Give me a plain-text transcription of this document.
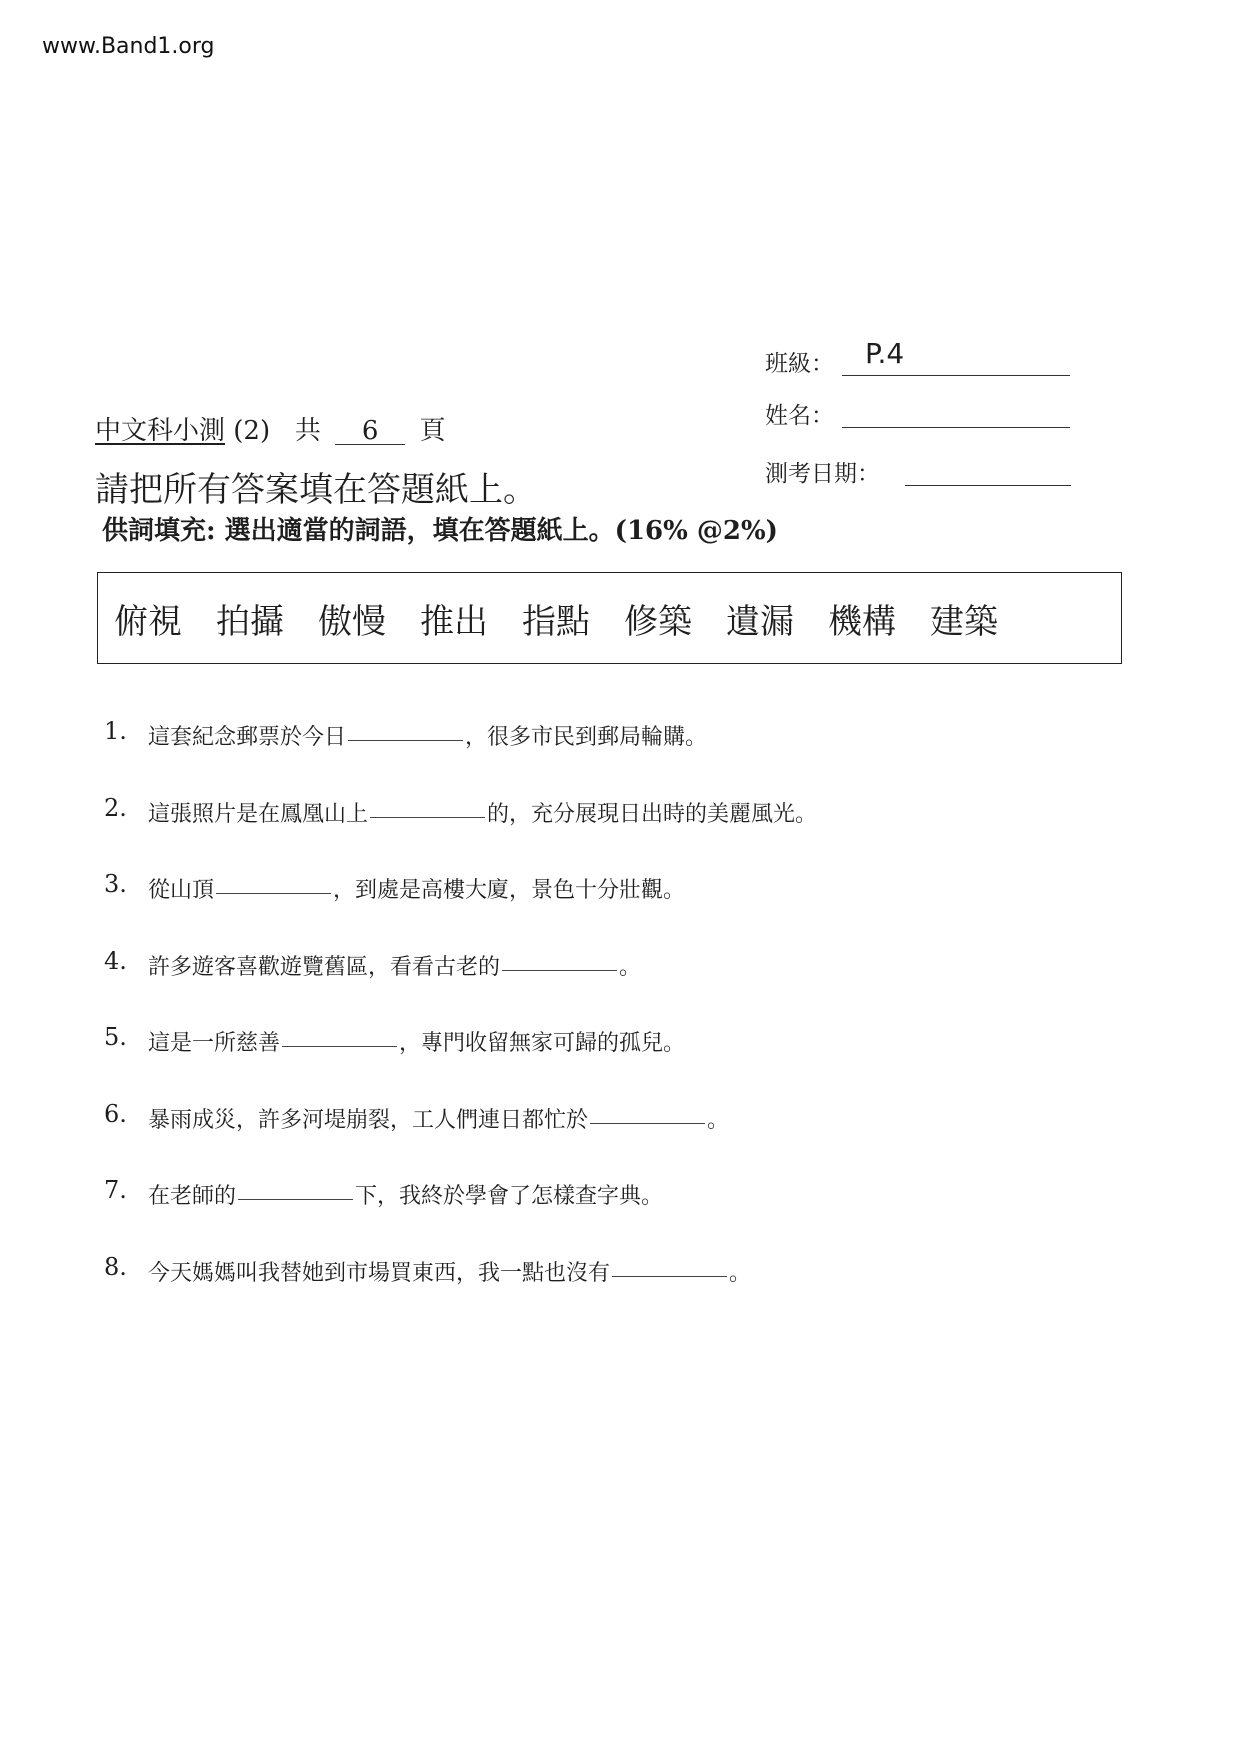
www.Band1.org
班級： P.4
姓名：
測考日期：
中文科小測 (2) 共 6 頁
請把所有答案填在答題紙上。
供詞填充: 選出適當的詞語，填在答題紙上。(16% @2%)
俯視 拍攝 傲慢 推出 指點 修築 遺漏 機構 建築
1. 這套紀念郵票於今日	，很多市民到郵局輪購。
2. 這張照片是在鳳凰山上	的，充分展現日出時的美麗風光。
3. 從山頂	，到處是高樓大廈，景色十分壯觀。
4. 許多遊客喜歡遊覽舊區，看看古老的	。
5. 這是一所慈善	，專門收留無家可歸的孤兒。
6. 暴雨成災，許多河堤崩裂，工人們連日都忙於	。
7. 在老師的	下，我終於學會了怎樣查字典。
8. 今天媽媽叫我替她到市場買東西，我一點也沒有	。
